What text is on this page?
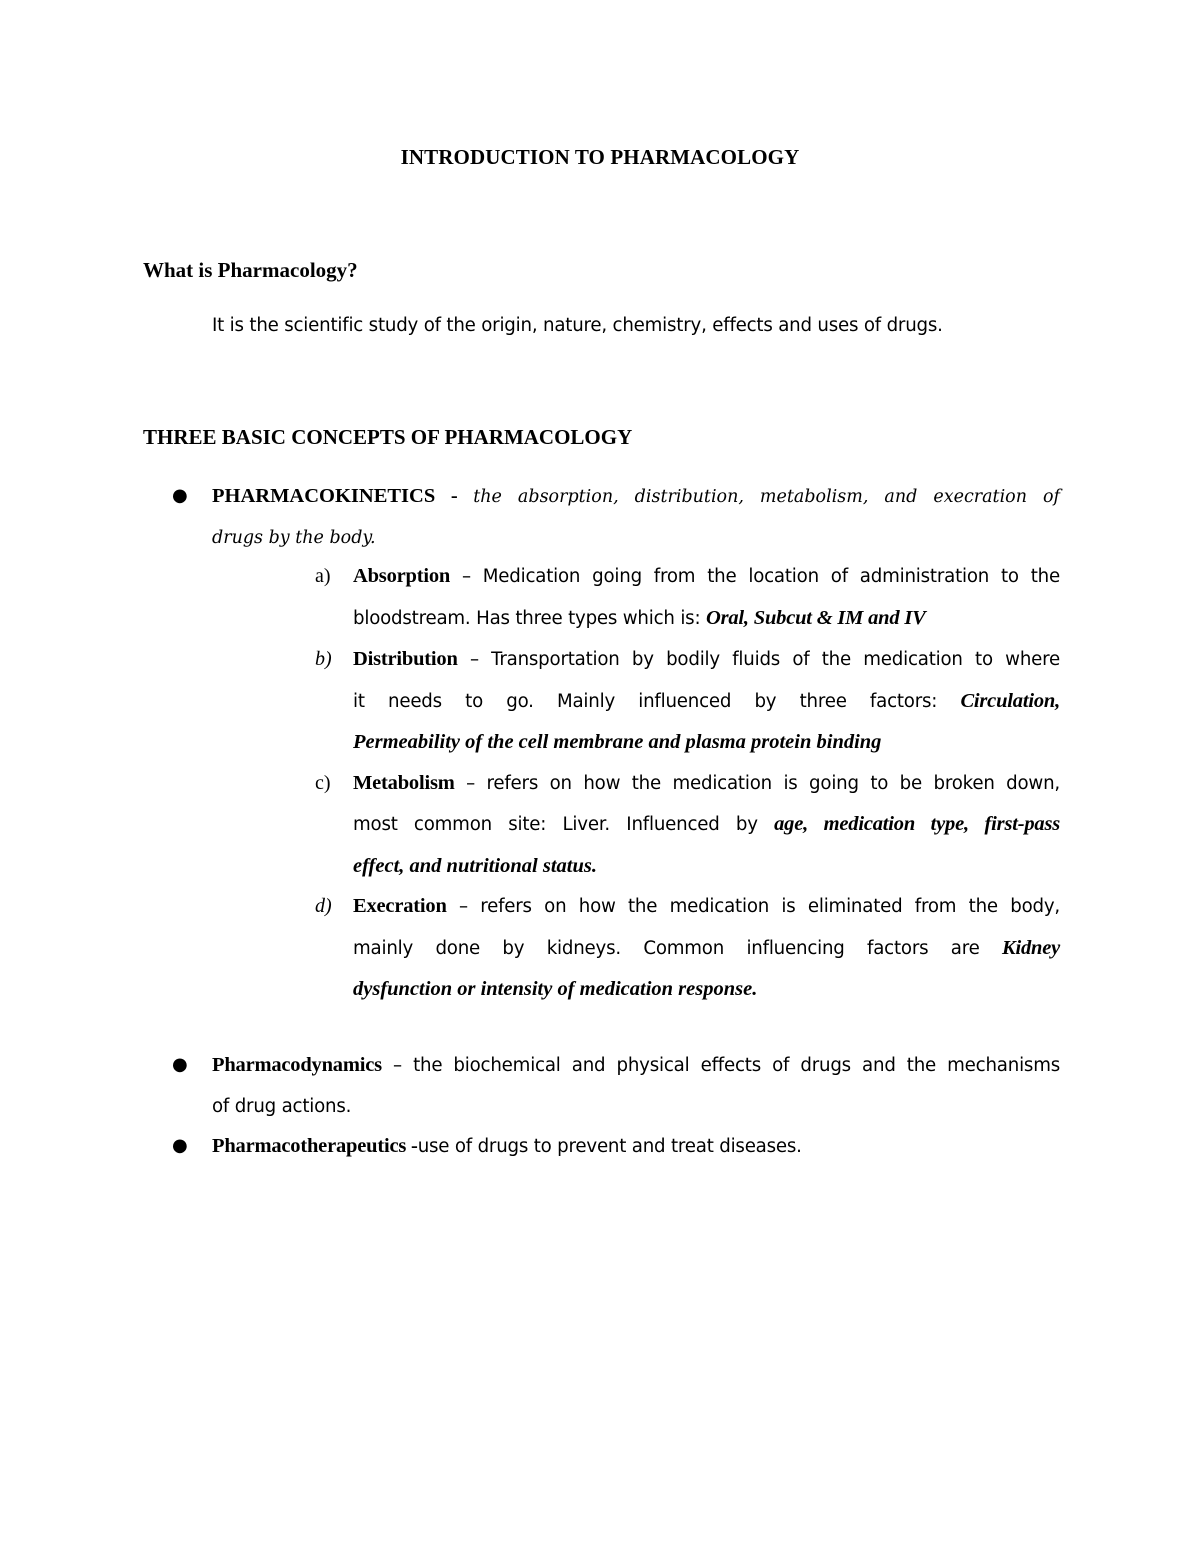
INTRODUCTION TO PHARMACOLOGY
What is Pharmacology?
It is the scientific study of the origin, nature, chemistry, effects and uses of drugs.
THREE BASIC CONCEPTS OF PHARMACOLOGY
● PHARMACOKINETICS - the absorption, distribution, metabolism, and execration of
drugs by the body.
a)	Absorption – Medication going from the location of administration to the
bloodstream. Has three types which is: Oral, Subcut & IM and IV
b)	Distribution – Transportation by bodily fluids of the medication to where
it needs to go. Mainly influenced by three factors: Circulation,
Permeability of the cell membrane and plasma protein binding
c)	Metabolism – refers on how the medication is going to be broken down,
most common site: Liver. Influenced by age, medication type, first-pass
effect, and nutritional status.
d)	Execration – refers on how the medication is eliminated from the body,
mainly done by kidneys. Common influencing factors are Kidney
dysfunction or intensity of medication response.
● Pharmacodynamics – the biochemical and physical effects of drugs and the mechanisms
of drug actions.
● Pharmacotherapeutics -use of drugs to prevent and treat diseases.
